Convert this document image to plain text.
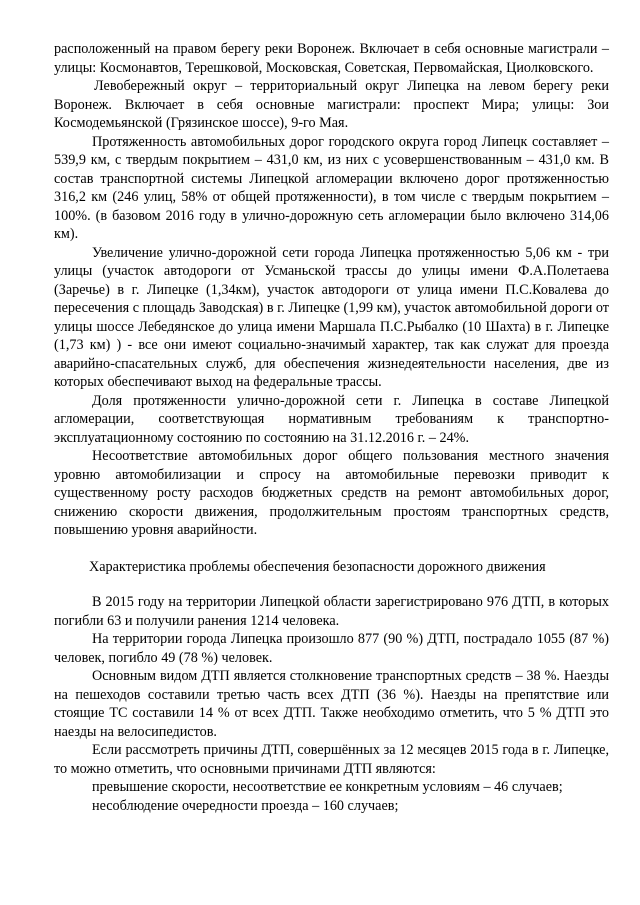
расположенный на правом берегу реки Воронеж. Включает в себя основные магистрали – улицы: Космонавтов, Терешковой, Московская, Советская, Первомайская, Циолковского.

Левобережный округ – территориальный округ Липецка на левом берегу реки Воронеж. Включает в себя основные магистрали: проспект Мира; улицы: Зои Космодемьянской (Грязинское шоссе), 9-го Мая.

Протяженность автомобильных дорог городского округа город Липецк составляет – 539,9 км, с твердым покрытием – 431,0 км, из них с усовершенствованным – 431,0 км. В состав транспортной системы Липецкой агломерации включено дорог протяженностью 316,2 км (246 улиц, 58% от общей протяженности), в том числе с твердым покрытием – 100%. (в базовом 2016 году в улично-дорожную сеть агломерации было включено 314,06 км).

Увеличение улично-дорожной сети города Липецка протяженностью 5,06 км - три улицы (участок автодороги от Усманьской трассы до улицы имени Ф.А.Полетаева (Заречье) в г. Липецке (1,34км), участок автодороги от улица имени П.С.Ковалева до пересечения с площадь Заводская) в г. Липецке (1,99 км), участок автомобильной дороги от улицы шоссе Лебедянское до улица имени Маршала П.С.Рыбалко (10 Шахта) в г. Липецке (1,73 км) ) - все они имеют социально-значимый характер, так как служат для проезда аварийно-спасательных служб, для обеспечения жизнедеятельности населения, две из которых обеспечивают выход на федеральные трассы.

Доля протяженности улично-дорожной сети г. Липецка в составе Липецкой агломерации, соответствующая нормативным требованиям к транспортно-эксплуатационному состоянию по состоянию на 31.12.2016 г. – 24%.

Несоответствие автомобильных дорог общего пользования местного значения уровню автомобилизации и спросу на автомобильные перевозки приводит к существенному росту расходов бюджетных средств на ремонт автомобильных дорог, снижению скорости движения, продолжительным простоям транспортных средств, повышению уровня аварийности.

Характеристика проблемы обеспечения безопасности дорожного движения

В 2015 году на территории Липецкой области зарегистрировано 976 ДТП, в которых погибли 63 и получили ранения 1214 человека.

На территории города Липецка произошло 877 (90 %) ДТП, пострадало 1055 (87 %) человек, погибло 49 (78 %) человек.

Основным видом ДТП является столкновение транспортных средств – 38 %. Наезды на пешеходов составили третью часть всех ДТП (36 %). Наезды на препятствие или стоящие ТС составили 14 % от всех ДТП. Также необходимо отметить, что 5 % ДТП это наезды на велосипедистов.

Если рассмотреть причины ДТП, совершённых за 12 месяцев 2015 года в г. Липецке, то можно отметить, что основными причинами ДТП являются:

превышение скорости, несоответствие ее конкретным условиям – 46 случаев;

несоблюдение очередности проезда – 160 случаев;
